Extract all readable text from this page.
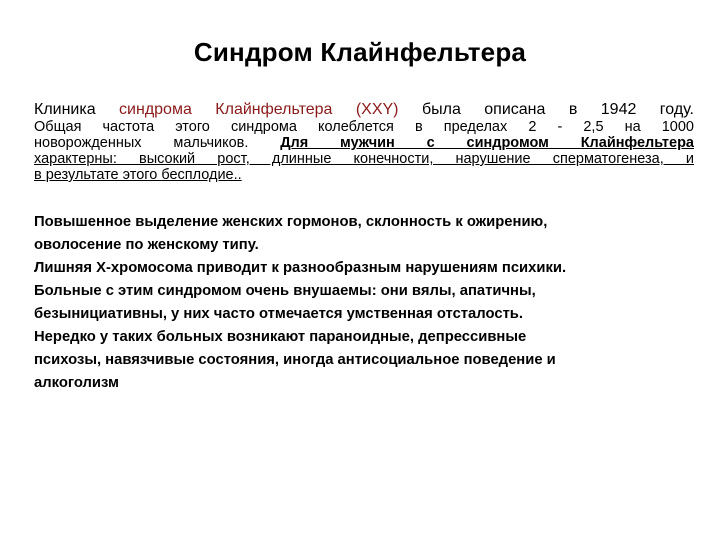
Синдром Клайнфельтера
Клиника синдрома Клайнфельтера (ХХY) была описана в 1942 году.
Общая частота этого синдрома колеблется в пределах 2 - 2,5 на 1000
новорожденных мальчиков. Для мужчин с синдромом Клайнфельтера
характерны: высокий рост, длинные конечности, нарушение сперматогенеза, и
в результате этого бесплодие..
Повышенное выделение женских гормонов, склонность к ожирению,
оволосение по женскому типу.
Лишняя Х-хромосома приводит к разнообразным нарушениям психики.
Больные с этим синдромом очень внушаемы: они вялы, апатичны,
безынициативны, у них часто отмечается умственная отсталость.
Нередко у таких больных возникают параноидные, депрессивные
психозы, навязчивые состояния, иногда антисоциальное поведение и
алкоголизм
